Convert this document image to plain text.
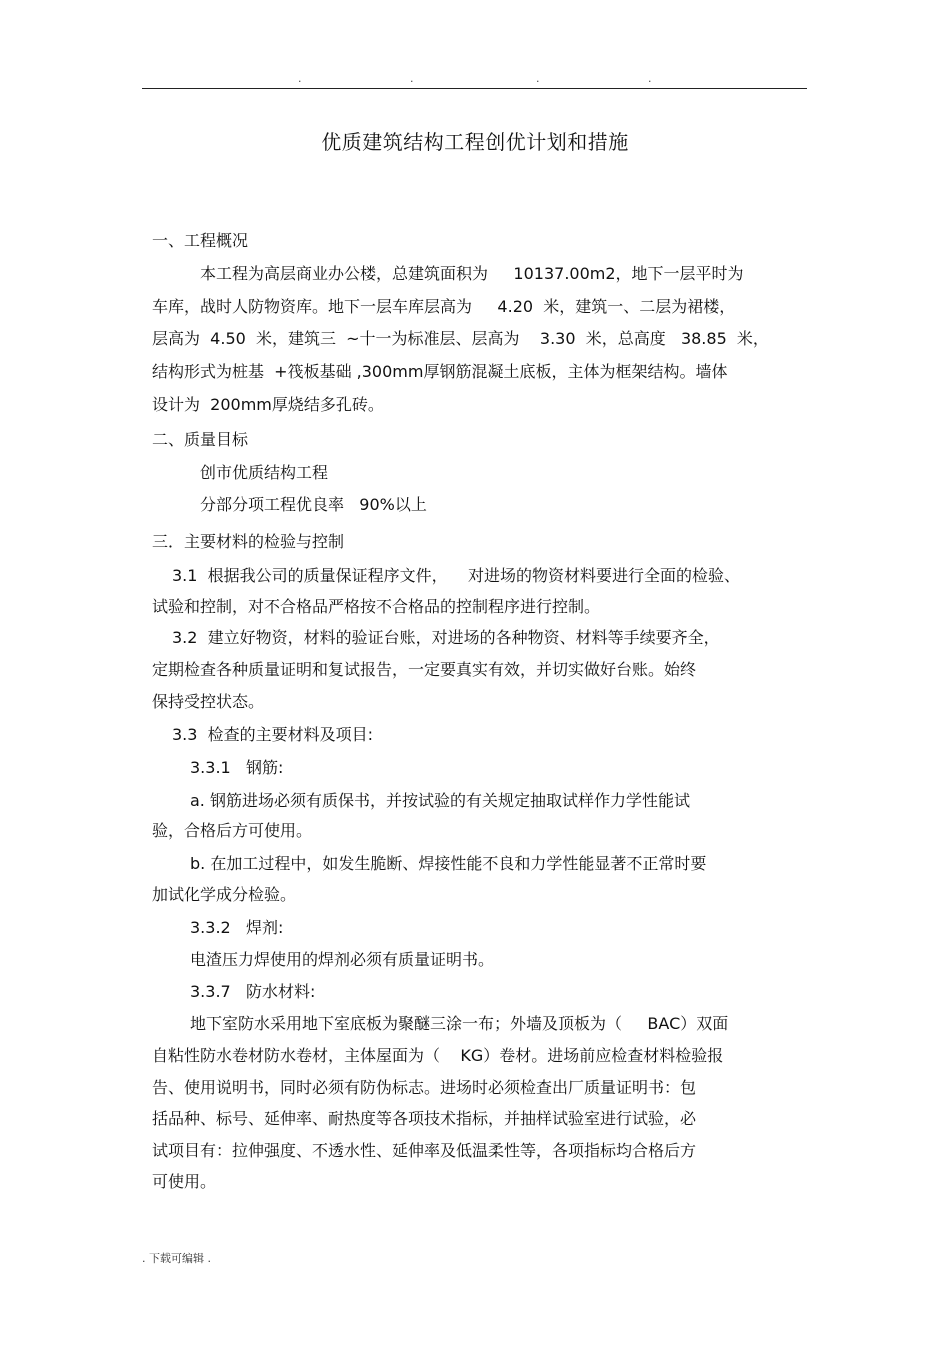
.	.	.	.
优质建筑结构工程创优计划和措施
一、工程概况
本工程为高层商业办公楼，总建筑面积为     10137.00m2，地下一层平时为
车库，战时人防物资库。地下一层车库层高为     4.20  米，建筑一、二层为裙楼，
层高为  4.50  米，建筑三  ~十一为标准层、层高为    3.30  米，总高度   38.85  米，
结构形式为桩基  +筏板基础 ,300mm厚钢筋混凝土底板，主体为框架结构。墙体
设计为  200mm厚烧结多孔砖。
二、质量目标
创市优质结构工程
分部分项工程优良率   90%以上
三．主要材料的检验与控制
3.1  根据我公司的质量保证程序文件，    对进场的物资材料要进行全面的检验、
试验和控制，对不合格品严格按不合格品的控制程序进行控制。
3.2  建立好物资，材料的验证台账，对进场的各种物资、材料等手续要齐全，
定期检查各种质量证明和复试报告，一定要真实有效，并切实做好台账。始终
保持受控状态。
3.3  检查的主要材料及项目:
3.3.1   钢筋:
a. 钢筋进场必须有质保书，并按试验的有关规定抽取试样作力学性能试
验，合格后方可使用。
b. 在加工过程中，如发生脆断、焊接性能不良和力学性能显著不正常时要
加试化学成分检验。
3.3.2   焊剂:
电渣压力焊使用的焊剂必须有质量证明书。
3.3.7   防水材料:
地下室防水采用地下室底板为聚醚三涂一布；外墙及顶板为（     BAC）双面
自粘性防水卷材防水卷材，主体屋面为（    KG）卷材。进场前应检查材料检验报
告、使用说明书，同时必须有防伪标志。进场时必须检查出厂质量证明书：包
括品种、标号、延伸率、耐热度等各项技术指标，并抽样试验室进行试验，必
试项目有：拉伸强度、不透水性、延伸率及低温柔性等，各项指标均合格后方
可使用。
. 下载可编辑 .
